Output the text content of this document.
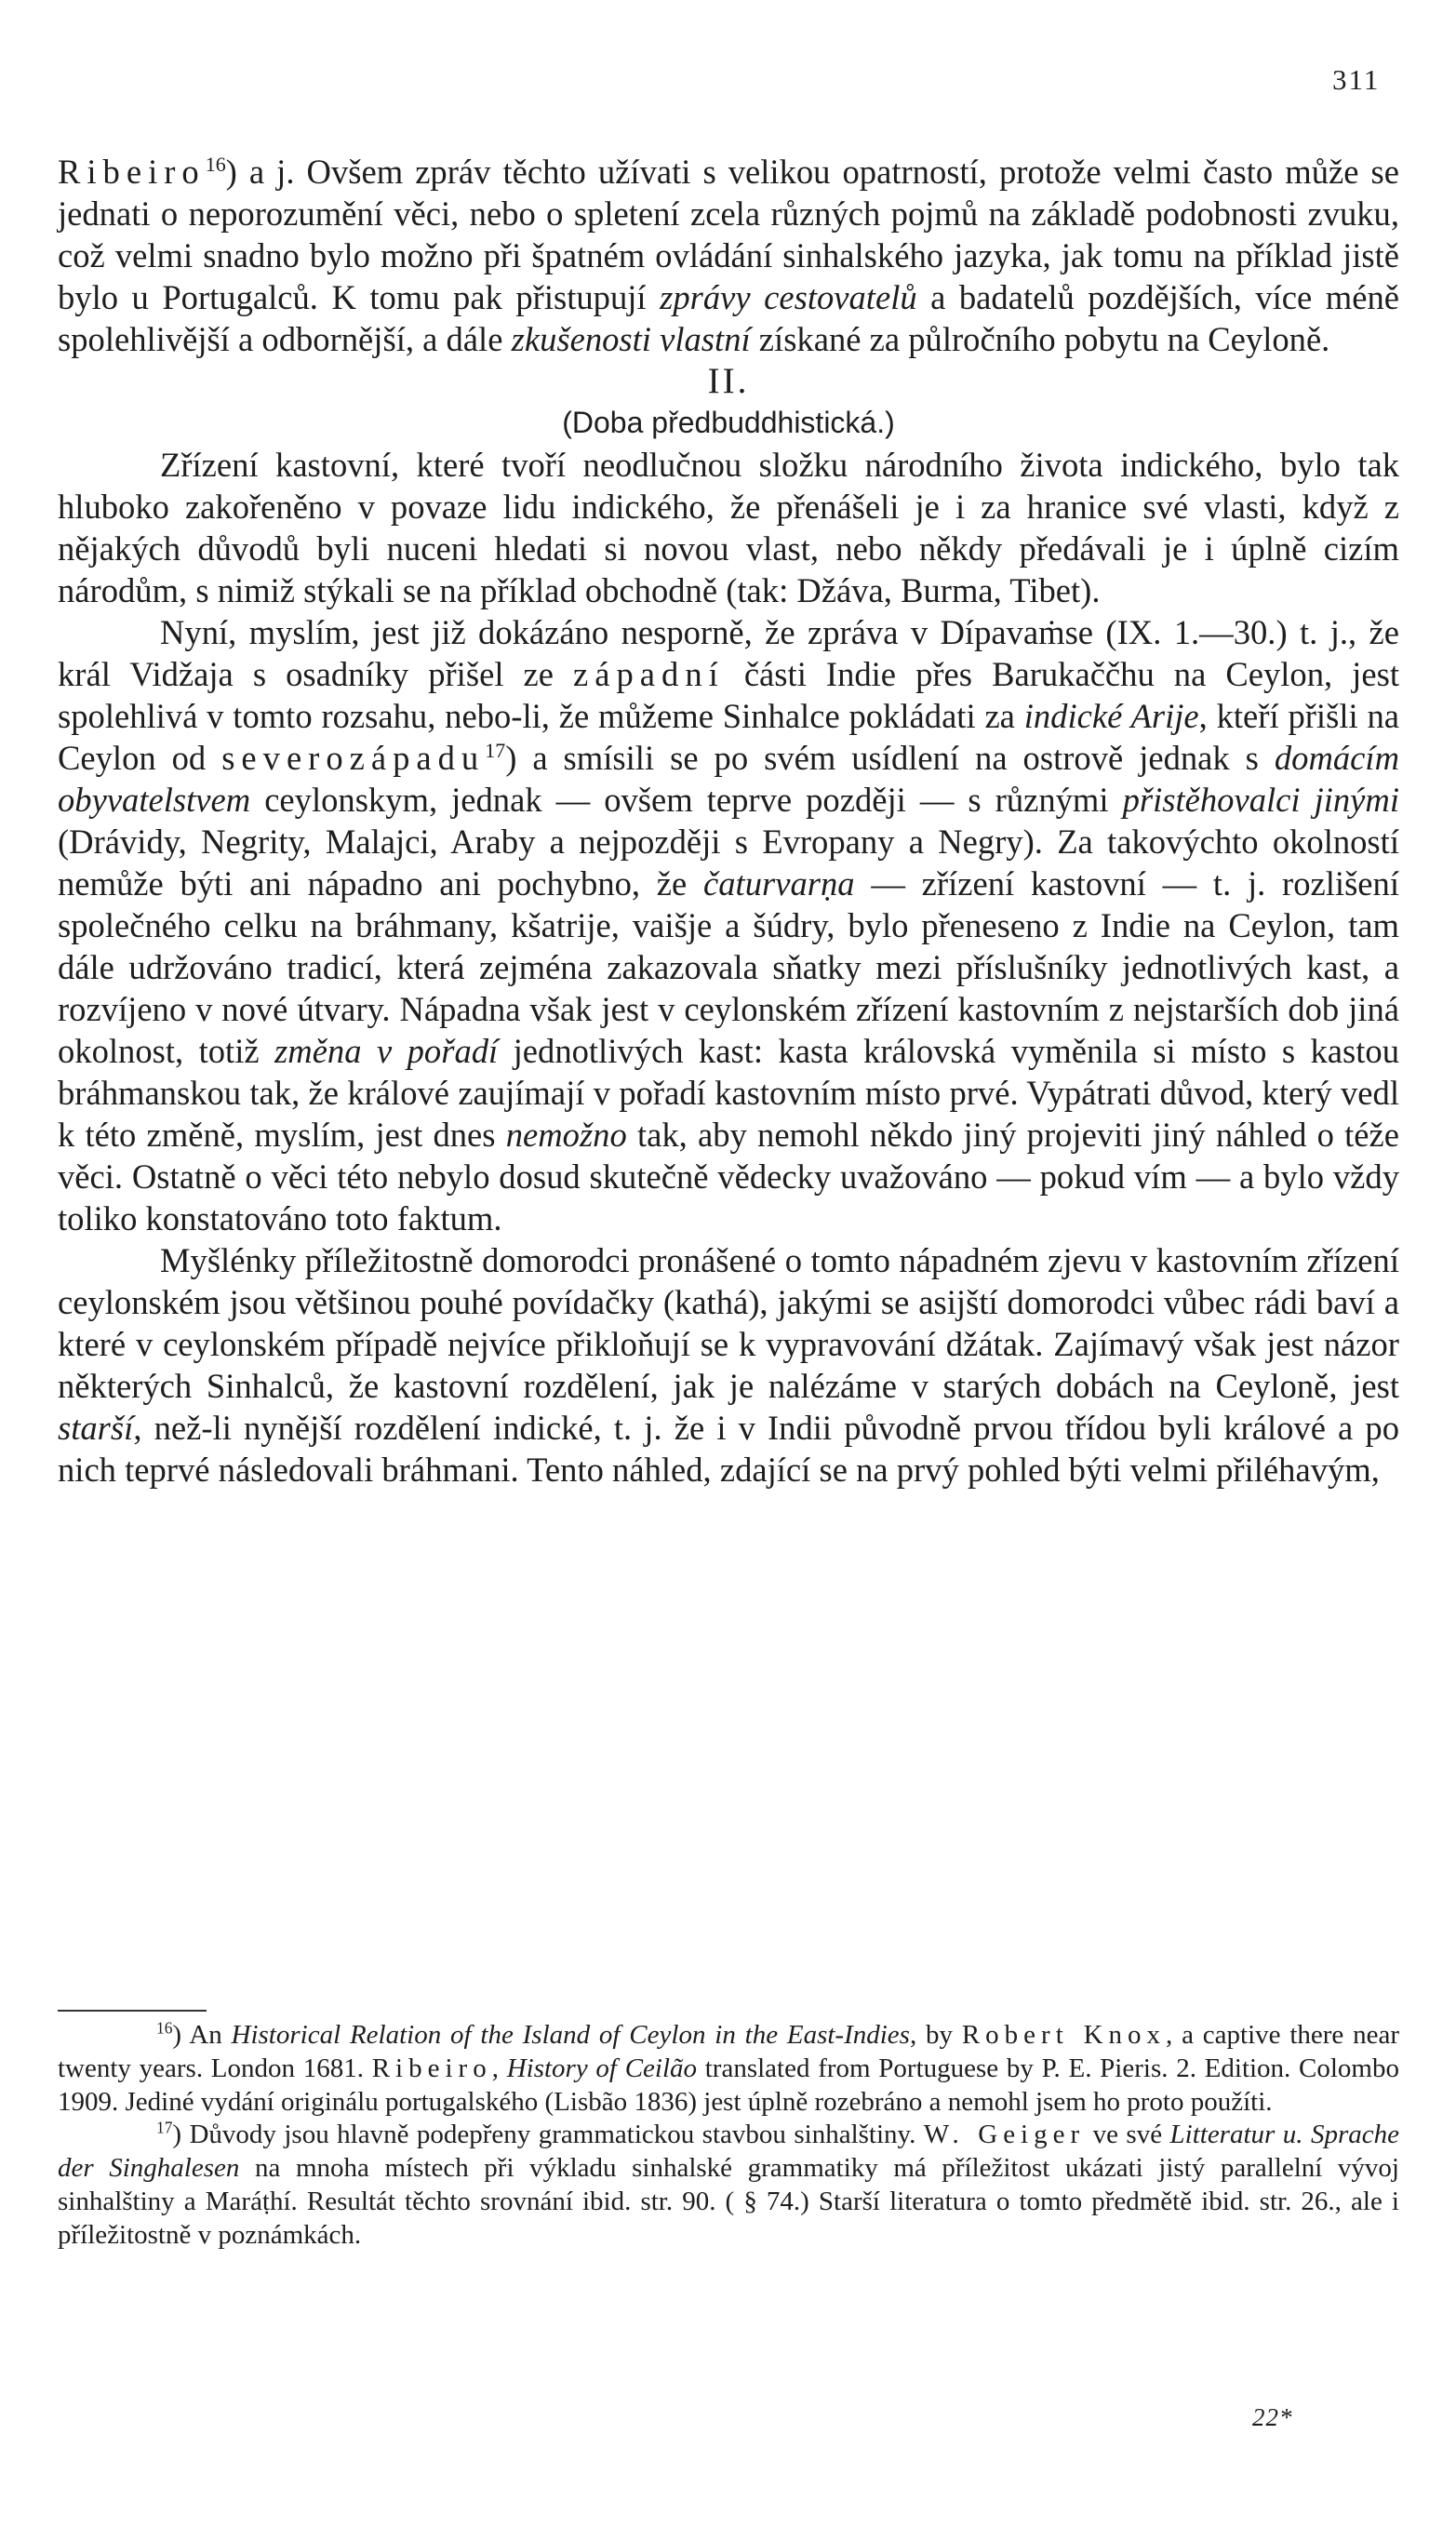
311

Ribeiro$^{16}$) a j. Ovšem zpráv těchto užívati s velikou opatrností, protože velmi často může se jednati o neporozumění věci, nebo o spletení zcela různých pojmů na základě podobnosti zvuku, což velmi snadno bylo možno při špatném ovládání sinhalského jazyka, jak tomu na příklad jistě bylo u Portugalců. K tomu pak přistupují zprávy cestovatelů a badatelů pozdějších, více méně spolehlivější a odbornější, a dále zkušenosti vlastní získané za půlročního pobytu na Ceyloně.

II.

(Doba předbuddhistická.)

Zřízení kastovní, které tvoří neodlučnou složku národního života indického, bylo tak hluboko zakořeněno v povaze lidu indického, že přenášeli je i za hranice své vlasti, když z nějakých důvodů byli nuceni hledati si novou vlast, nebo někdy předávali je i úplně cizím národům, s nimiž stýkali se na příklad obchodně (tak: Džáva, Burma, Tibet).

Nyní, myslím, jest již dokázáno nesporně, že zpráva v Dípavaṁse (IX. 1.—30.) t. j., že král Vidžaja s osadníky přišel ze západní části Indie přes Barukaččhu na Ceylon, jest spolehlivá v tomto rozsahu, nebo-li, že můžeme Sinhalce pokládati za indické Arije, kteří přišli na Ceylon od severozápadu$^{17}$) a smísili se po svém usídlení na ostrově jednak s domácím obyvatelstvem ceylonskym, jednak — ovšem teprve později — s různými přistěhovalci jinými (Drávidy, Negrity, Malajci, Araby a nejpozději s Evropany a Negry). Za takovýchto okolností nemůže býti ani nápadno ani pochybno, že čaturvarṇa — zřízení kastovní — t. j. rozlišení společného celku na bráhmany, kšatrije, vaišje a šúdry, bylo přeneseno z Indie na Ceylon, tam dále udržováno tradicí, která zejména zakazovala sňatky mezi příslušníky jednotlivých kast, a rozvíjeno v nové útvary. Nápadna však jest v ceylonském zřízení kastovním z nejstarších dob jiná okolnost, totiž změna v pořadí jednotlivých kast: kasta královská vyměnila si místo s kastou bráhmanskou tak, že králové zaujímají v pořadí kastovním místo prvé. Vypátrati důvod, který vedl k této změně, myslím, jest dnes nemožno tak, aby nemohl někdo jiný projeviti jiný náhled o téže věci. Ostatně o věci této nebylo dosud skutečně vědecky uvažováno — pokud vím — a bylo vždy toliko konstatováno toto faktum.

Myšlénky příležitostně domorodci pronášené o tomto nápadném zjevu v kastovním zřízení ceylonském jsou většinou pouhé povídačky (kathá), jakými se asijští domorodci vůbec rádi baví a které v ceylonském případě nejvíce přikloňují se k vypravování džátak. Zajímavý však jest názor některých Sinhalců, že kastovní rozdělení, jak je nalézáme v starých dobách na Ceyloně, jest starší, než-li nynější rozdělení indické, t. j. že i v Indii původně prvou třídou byli králové a po nich teprvé následovali bráhmani. Tento náhled, zdající se na prvý pohled býti velmi přiléhavým,

$^{16}$) An Historical Relation of the Island of Ceylon in the East-Indies, by Robert Knox, a captive there near twenty years. London 1681. Ribeiro, History of Ceilão translated from Portuguese by P. E. Pieris. 2. Edition. Colombo 1909. Jediné vydání originálu portugalského (Lisbão 1836) jest úplně rozebráno a nemohl jsem ho proto použíti.

$^{17}$) Důvody jsou hlavně podepřeny grammatickou stavbou sinhalštiny. W. Geiger ve své Litteratur u. Sprache der Singhalesen na mnoha místech při výkladu sinhalské grammatiky má příležitost ukázati jistý parallelní vývoj sinhalštiny a Maráṭhí. Resultát těchto srovnání ibid. str. 90. ( § 74.) Starší literatura o tomto předmětě ibid. str. 26., ale i příležitostně v poznámkách.

22*
